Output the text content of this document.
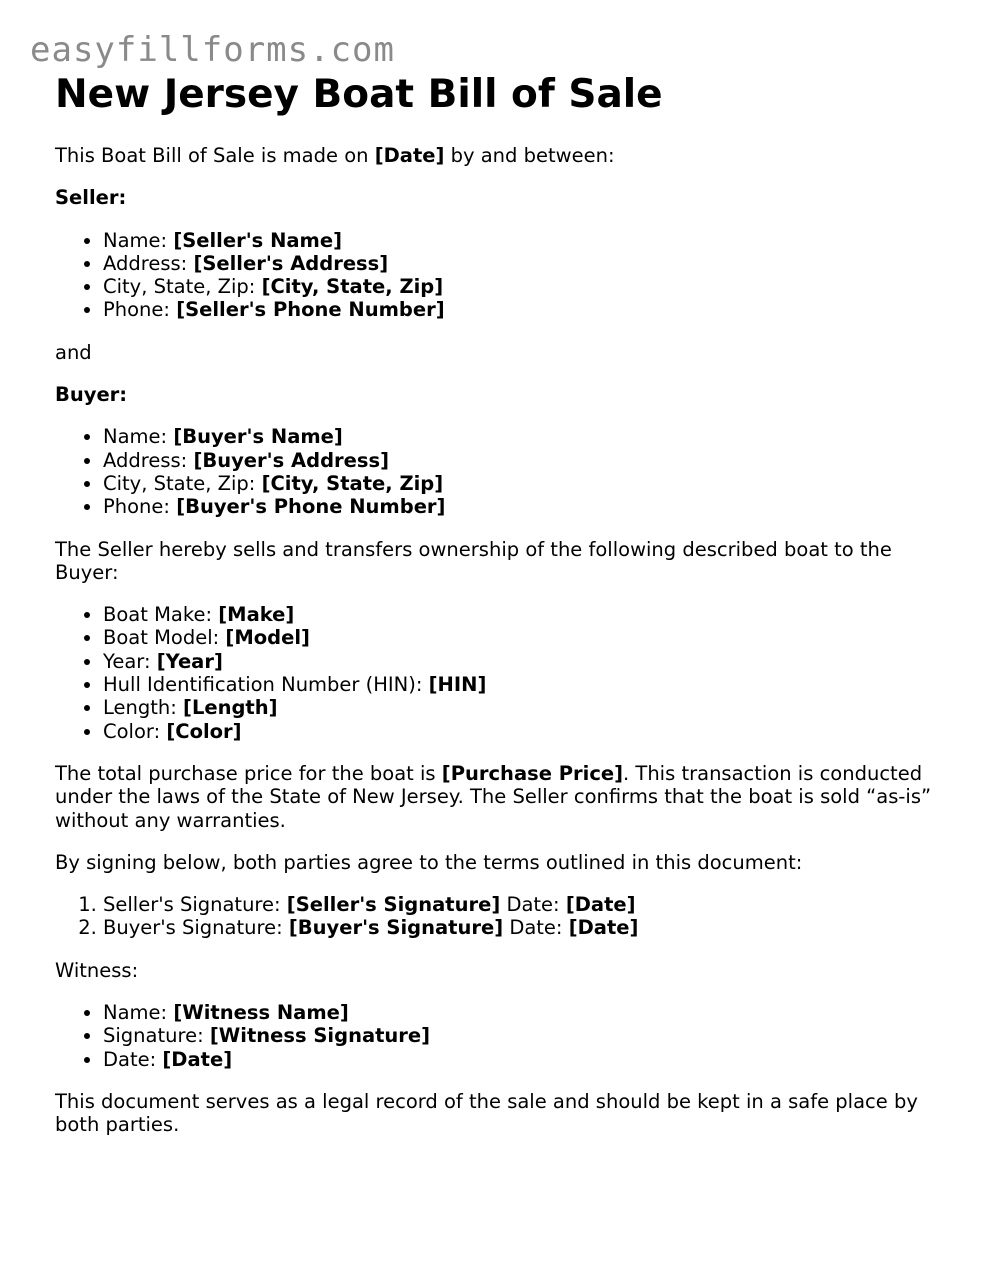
easyfillforms.com
New Jersey Boat Bill of Sale

This Boat Bill of Sale is made on [Date] by and between:

Seller:

• Name: [Seller's Name]
• Address: [Seller's Address]
• City, State, Zip: [City, State, Zip]
• Phone: [Seller's Phone Number]

and

Buyer:

• Name: [Buyer's Name]
• Address: [Buyer's Address]
• City, State, Zip: [City, State, Zip]
• Phone: [Buyer's Phone Number]

The Seller hereby sells and transfers ownership of the following described boat to the Buyer:

• Boat Make: [Make]
• Boat Model: [Model]
• Year: [Year]
• Hull Identification Number (HIN): [HIN]
• Length: [Length]
• Color: [Color]

The total purchase price for the boat is [Purchase Price]. This transaction is conducted under the laws of the State of New Jersey. The Seller confirms that the boat is sold “as-is” without any warranties.

By signing below, both parties agree to the terms outlined in this document:

1. Seller's Signature: [Seller's Signature] Date: [Date]
2. Buyer's Signature: [Buyer's Signature] Date: [Date]

Witness:

• Name: [Witness Name]
• Signature: [Witness Signature]
• Date: [Date]

This document serves as a legal record of the sale and should be kept in a safe place by both parties.
